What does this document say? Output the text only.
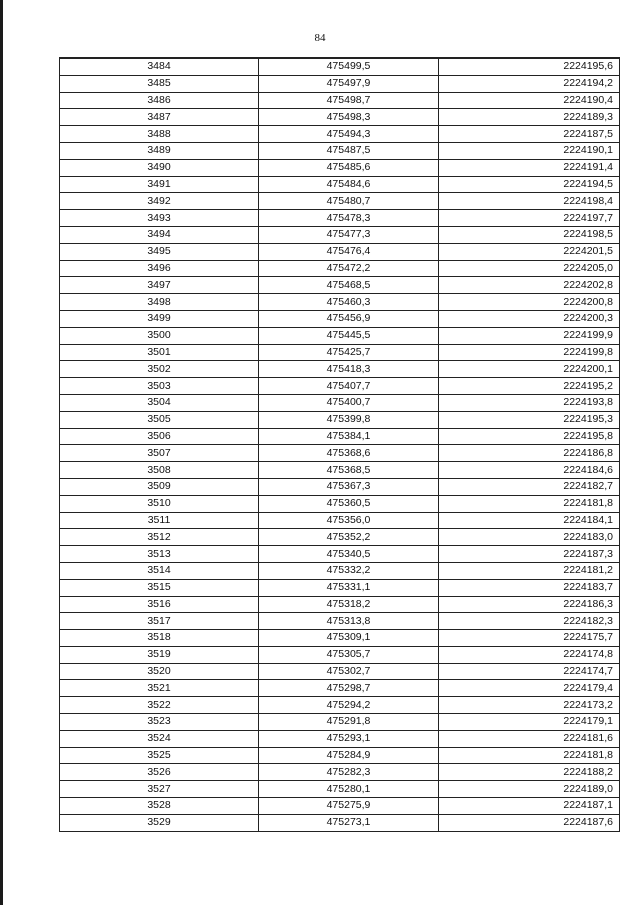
84
3484	475499,5	2224195,6
3485	475497,9	2224194,2
3486	475498,7	2224190,4
3487	475498,3	2224189,3
3488	475494,3	2224187,5
3489	475487,5	2224190,1
3490	475485,6	2224191,4
3491	475484,6	2224194,5
3492	475480,7	2224198,4
3493	475478,3	2224197,7
3494	475477,3	2224198,5
3495	475476,4	2224201,5
3496	475472,2	2224205,0
3497	475468,5	2224202,8
3498	475460,3	2224200,8
3499	475456,9	2224200,3
3500	475445,5	2224199,9
3501	475425,7	2224199,8
3502	475418,3	2224200,1
3503	475407,7	2224195,2
3504	475400,7	2224193,8
3505	475399,8	2224195,3
3506	475384,1	2224195,8
3507	475368,6	2224186,8
3508	475368,5	2224184,6
3509	475367,3	2224182,7
3510	475360,5	2224181,8
3511	475356,0	2224184,1
3512	475352,2	2224183,0
3513	475340,5	2224187,3
3514	475332,2	2224181,2
3515	475331,1	2224183,7
3516	475318,2	2224186,3
3517	475313,8	2224182,3
3518	475309,1	2224175,7
3519	475305,7	2224174,8
3520	475302,7	2224174,7
3521	475298,7	2224179,4
3522	475294,2	2224173,2
3523	475291,8	2224179,1
3524	475293,1	2224181,6
3525	475284,9	2224181,8
3526	475282,3	2224188,2
3527	475280,1	2224189,0
3528	475275,9	2224187,1
3529	475273,1	2224187,6
